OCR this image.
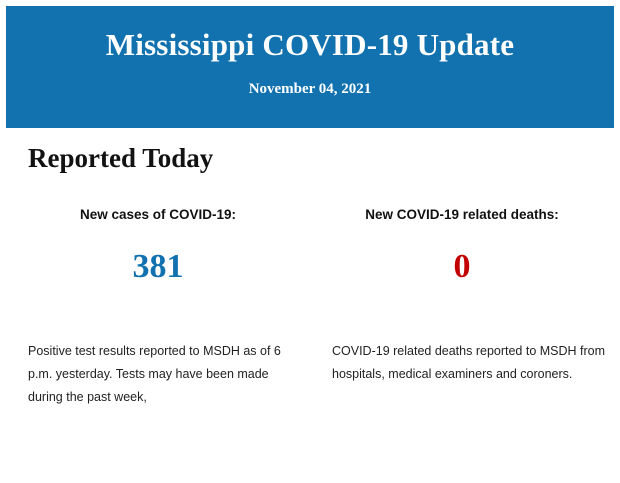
Mississippi COVID-19 Update

November 04, 2021

Reported Today
New cases of COVID-19:
381
New COVID-19 related deaths:
0
Positive test results reported to MSDH as of 6 p.m. yesterday. Tests may have been made during the past week,
COVID-19 related deaths reported to MSDH from hospitals, medical examiners and coroners.
